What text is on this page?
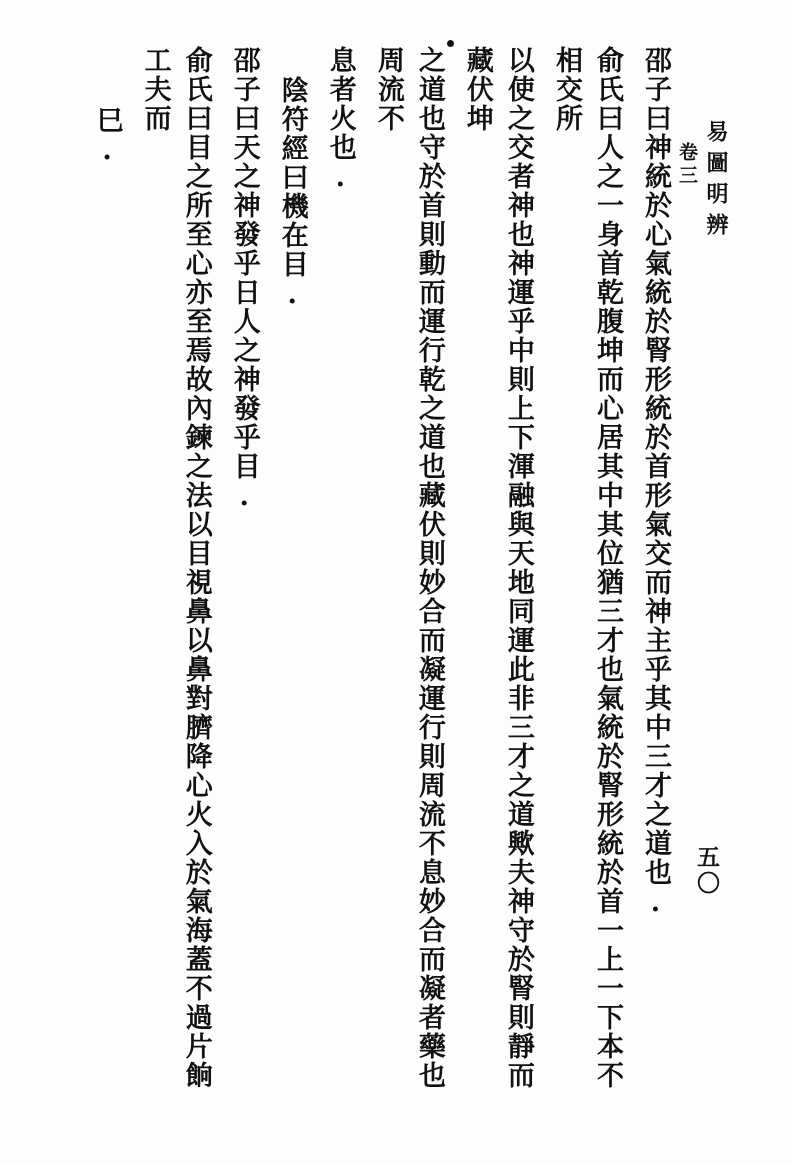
易圖明辨
卷三
五〇
邵子曰神統於心氣統於腎形統於首形氣交而神主乎其中三才之道也.
俞氏曰人之一身首乾腹坤而心居其中其位猶三才也氣統於腎形統於首一上一下本不相交所
以使之交者神也神運乎中則上下渾融與天地同運此非三才之道歟夫神守於腎則靜而藏伏坤
之道也守於首則動而運行乾之道也藏伏則妙合而凝運行則周流不息妙合而凝者藥也周流不
息者火也.
陰符經曰機在目.
邵子曰天之神發乎日人之神發乎目.
俞氏曰目之所至心亦至焉故內鍊之法以目視鼻以鼻對臍降心火入於氣海蓋不過片餉工夫而
巳.
